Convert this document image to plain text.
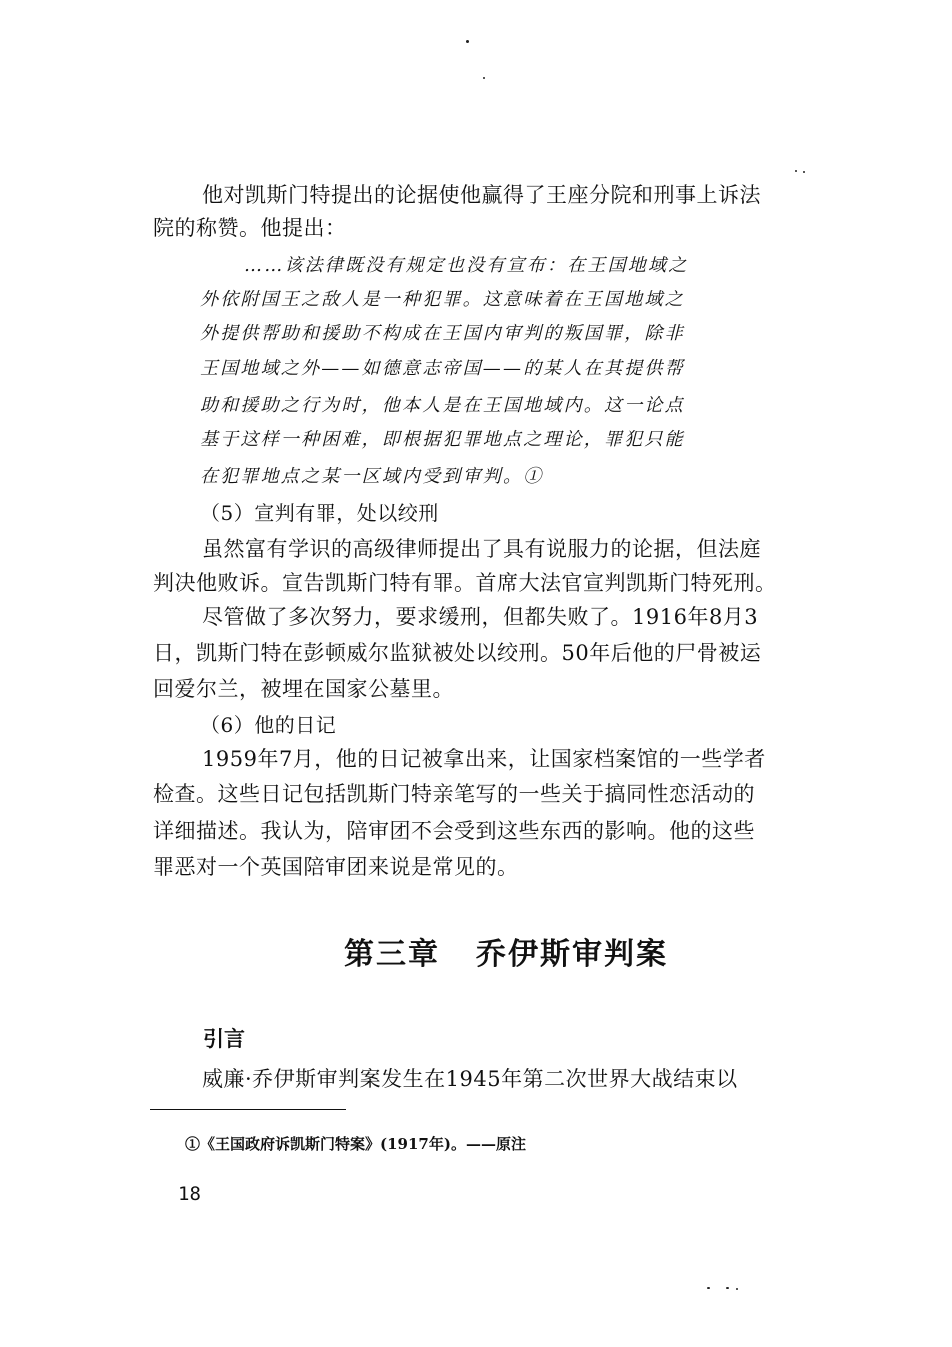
他对凯斯门特提出的论据使他赢得了王座分院和刑事上诉法
院的称赞。他提出：
……该法律既没有规定也没有宣布：在王国地域之
外依附国王之敌人是一种犯罪。这意味着在王国地域之
外提供帮助和援助不构成在王国内审判的叛国罪，除非
王国地域之外——如德意志帝国——的某人在其提供帮
助和援助之行为时，他本人是在王国地域内。这一论点
基于这样一种困难，即根据犯罪地点之理论，罪犯只能
在犯罪地点之某一区域内受到审判。①
（5）宣判有罪，处以绞刑
虽然富有学识的高级律师提出了具有说服力的论据，但法庭
判决他败诉。宣告凯斯门特有罪。首席大法官宣判凯斯门特死刑。
尽管做了多次努力，要求缓刑，但都失败了。1916年8月3
日，凯斯门特在彭顿威尔监狱被处以绞刑。50年后他的尸骨被运
回爱尔兰，被埋在国家公墓里。
（6）他的日记
1959年7月，他的日记被拿出来，让国家档案馆的一些学者
检查。这些日记包括凯斯门特亲笔写的一些关于搞同性恋活动的
详细描述。我认为，陪审团不会受到这些东西的影响。他的这些
罪恶对一个英国陪审团来说是常见的。
第三章 乔伊斯审判案
引言
威廉·乔伊斯审判案发生在1945年第二次世界大战结束以
①《王国政府诉凯斯门特案》(1917年)。——原注
18
